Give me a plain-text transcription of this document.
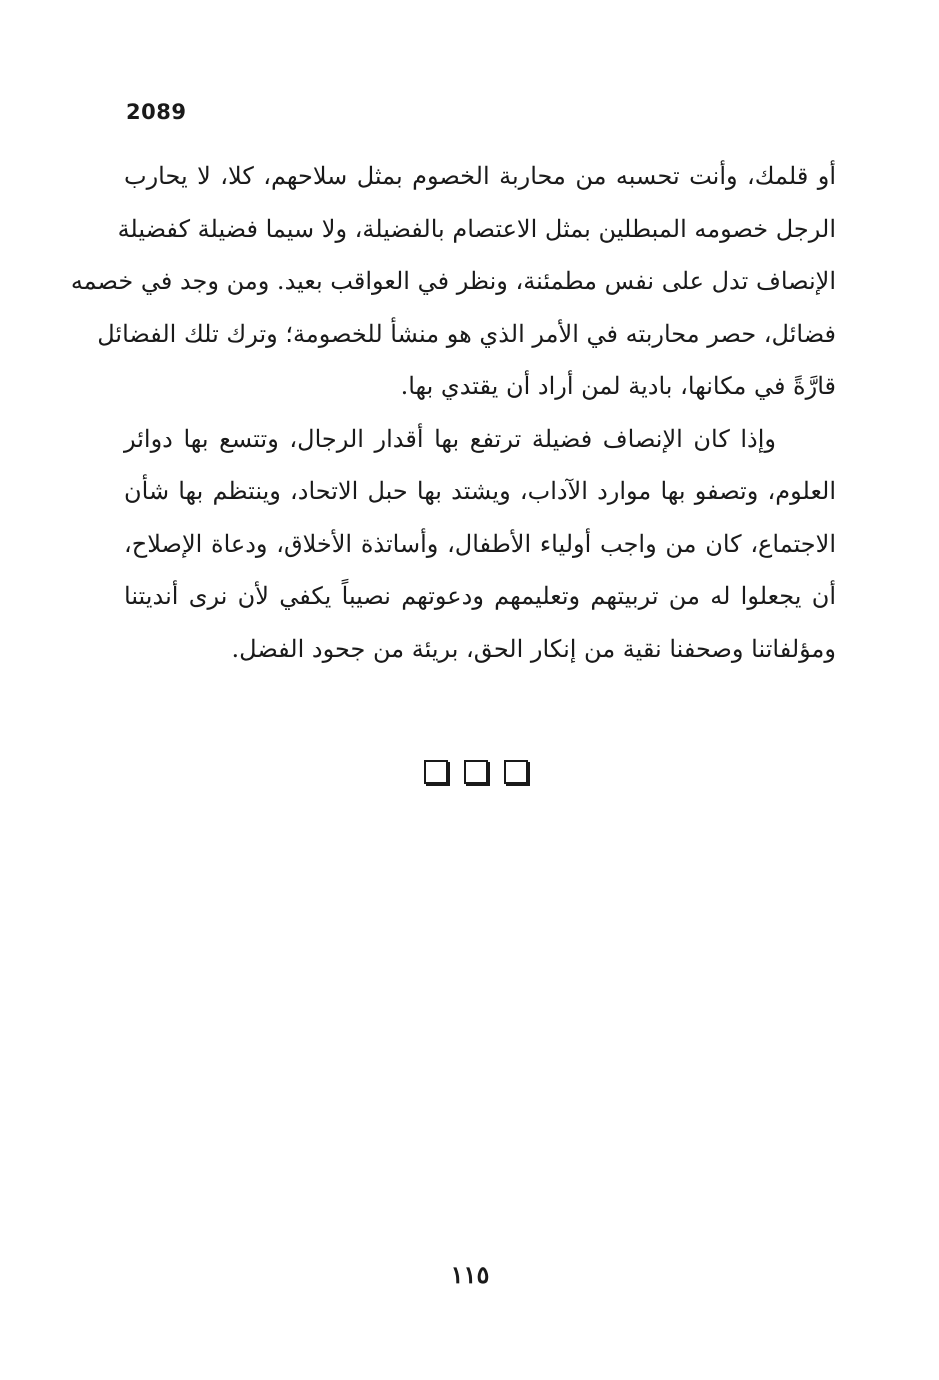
2089
أو قلمك، وأنت تحسبه من محاربة الخصوم بمثل سلاحهم، كلا، لا يحارب
الرجل خصومه المبطلين بمثل الاعتصام بالفضيلة، ولا سيما فضيلة كفضيلة
الإنصاف تدل على نفس مطمئنة، ونظر في العواقب بعيد. ومن وجد في خصمه
فضائل، حصر محاربته في الأمر الذي هو منشأ للخصومة؛ وترك تلك الفضائل
قارَّةً في مكانها، بادية لمن أراد أن يقتدي بها.
وإذا كان الإنصاف فضيلة ترتفع بها أقدار الرجال، وتتسع بها دوائر
العلوم، وتصفو بها موارد الآداب، ويشتد بها حبل الاتحاد، وينتظم بها شأن
الاجتماع، كان من واجب أولياء الأطفال، وأساتذة الأخلاق، ودعاة الإصلاح،
أن يجعلوا له من تربيتهم وتعليمهم ودعوتهم نصيباً يكفي لأن نرى أنديتنا
ومؤلفاتنا وصحفنا نقية من إنكار الحق، بريئة من جحود الفضل.
١١٥
